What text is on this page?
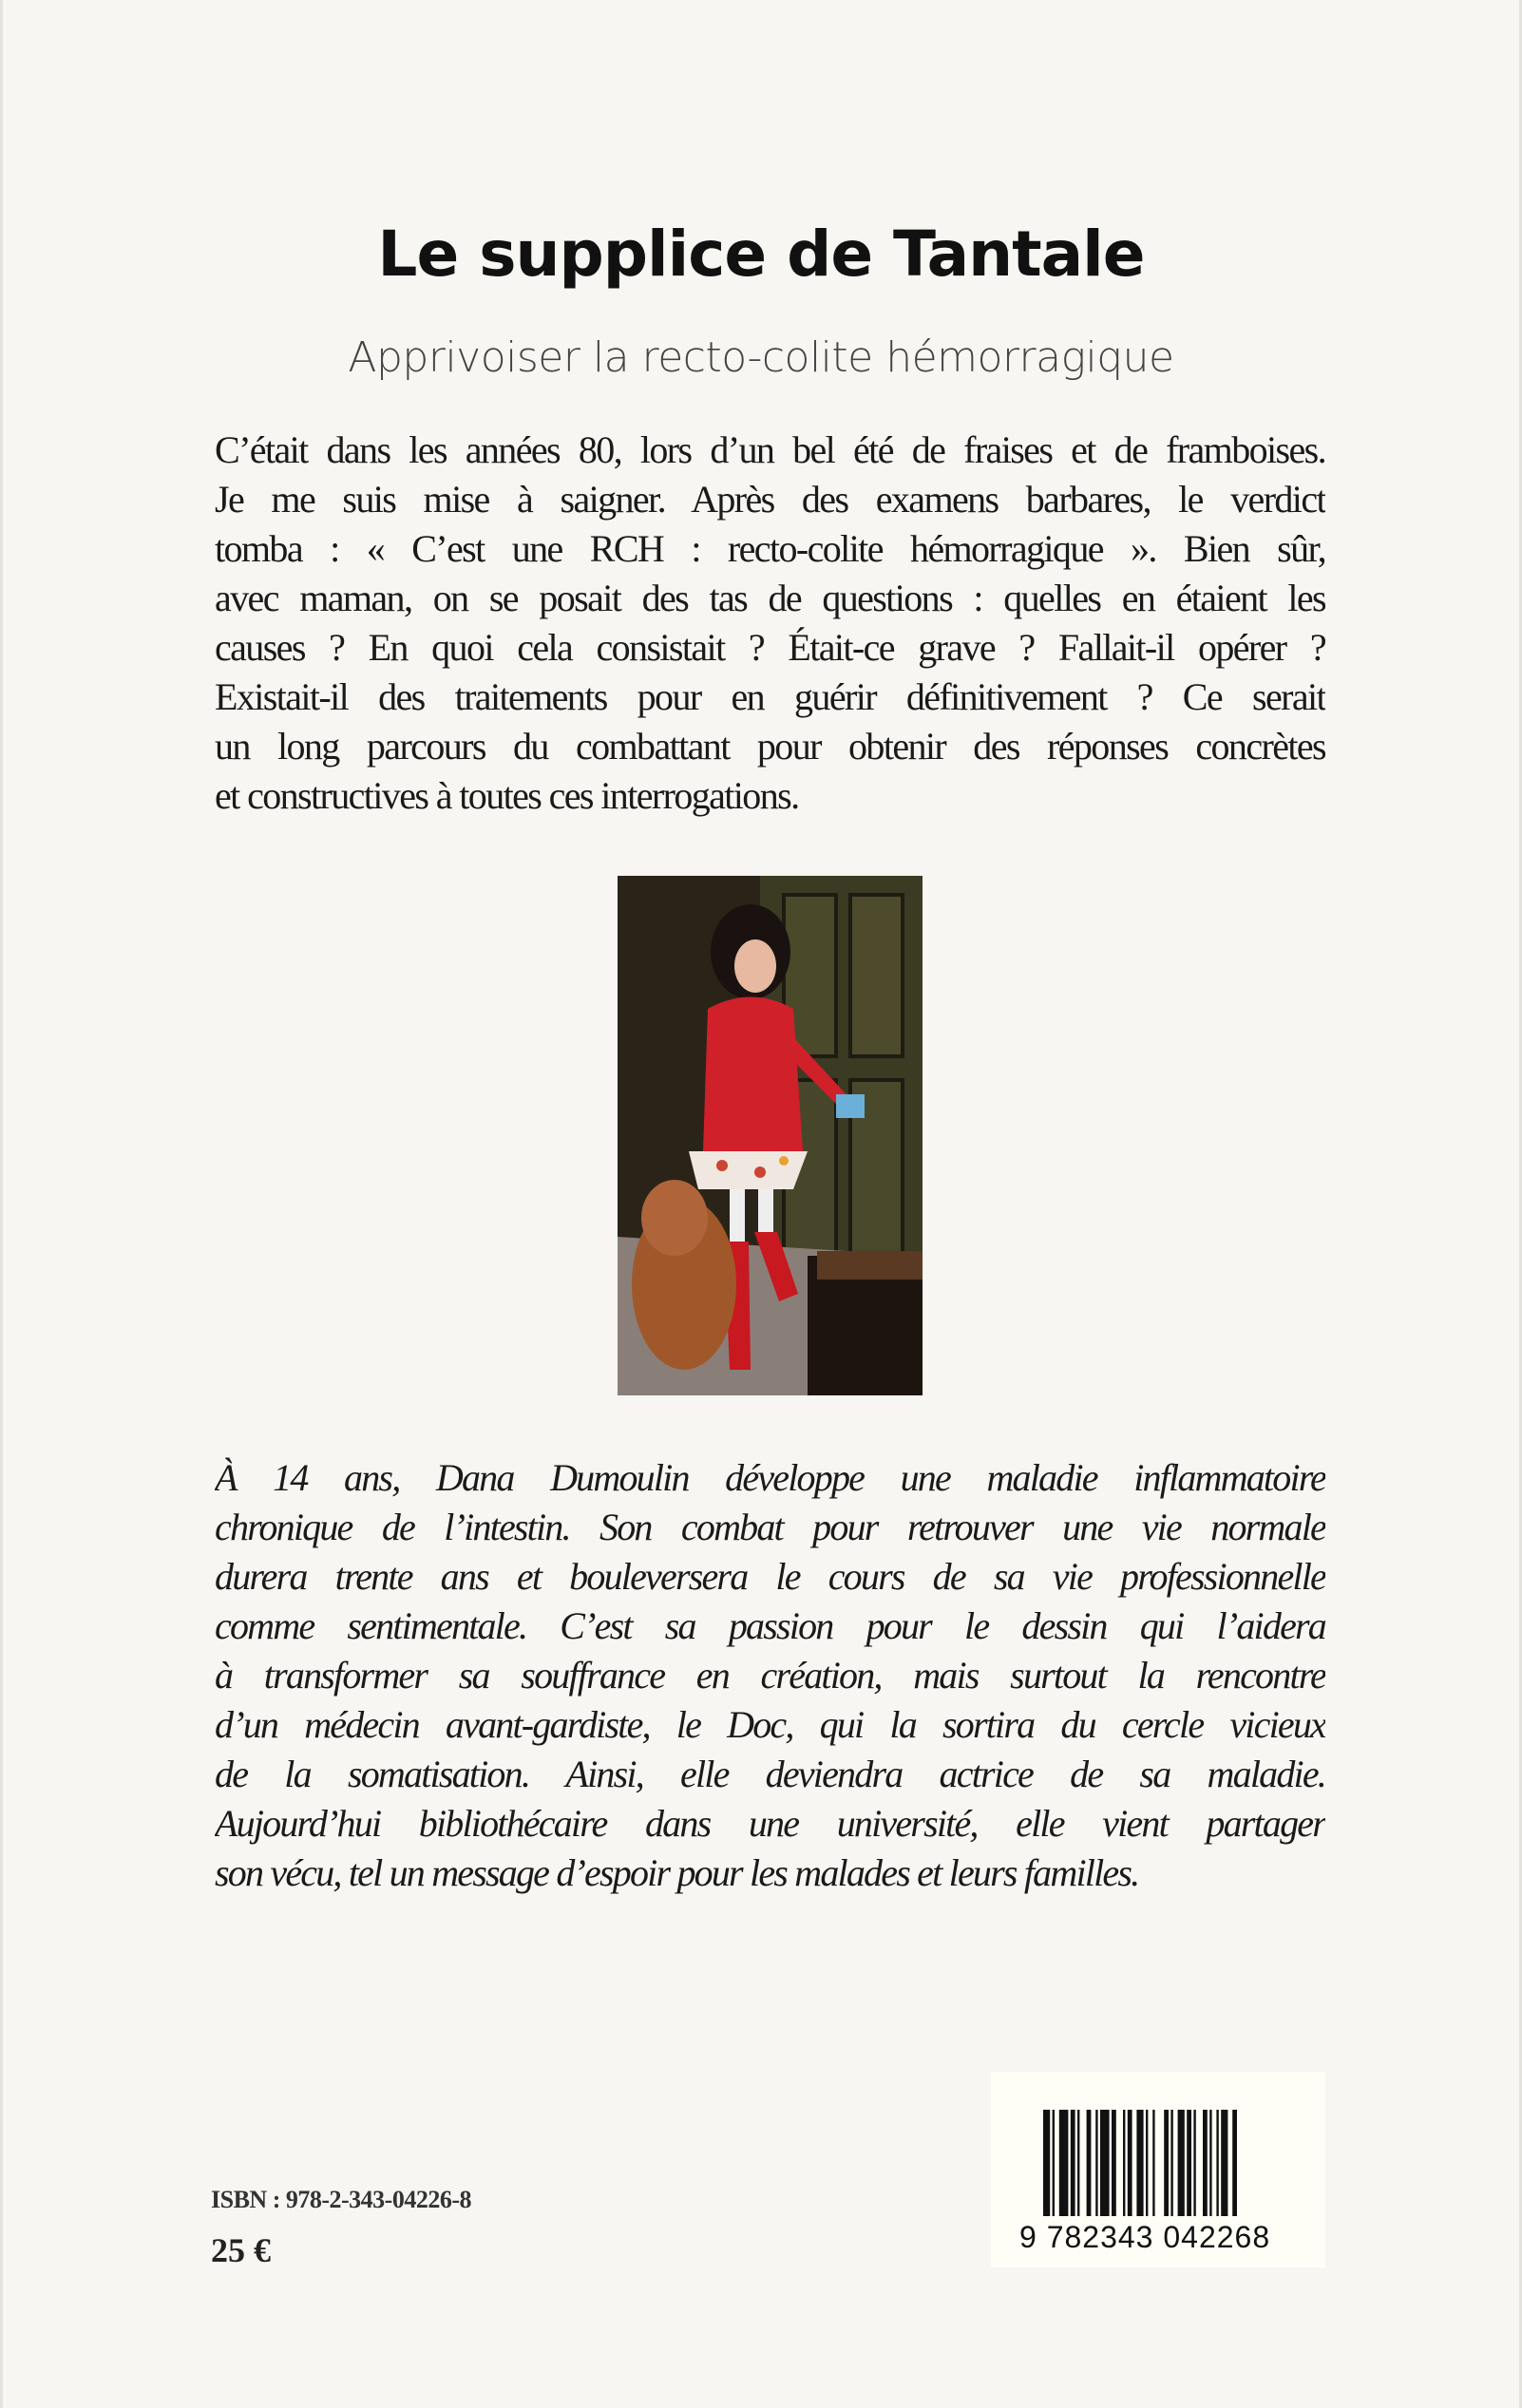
Le supplice de Tantale
Apprivoiser la recto-colite hémorragique
C’était dans les années 80, lors d’un bel été de fraises et de framboises.
Je me suis mise à saigner. Après des examens barbares, le verdict
tomba : « C’est une RCH : recto-colite hémorragique ». Bien sûr,
avec maman, on se posait des tas de questions : quelles en étaient les
causes ? En quoi cela consistait ? Était-ce grave ? Fallait-il opérer ?
Existait-il des traitements pour en guérir définitivement ? Ce serait
un long parcours du combattant pour obtenir des réponses concrètes
et constructives à toutes ces interrogations.
À 14 ans, Dana Dumoulin développe une maladie inflammatoire
chronique de l’intestin. Son combat pour retrouver une vie normale
durera trente ans et bouleversera le cours de sa vie professionnelle
comme sentimentale. C’est sa passion pour le dessin qui l’aidera
à transformer sa souffrance en création, mais surtout la rencontre
d’un médecin avant-gardiste, le Doc, qui la sortira du cercle vicieux
de la somatisation. Ainsi, elle deviendra actrice de sa maladie.
Aujourd’hui bibliothécaire dans une université, elle vient partager
son vécu, tel un message d’espoir pour les malades et leurs familles.
ISBN : 978-2-343-04226-8
25 €	9 782343 042268
